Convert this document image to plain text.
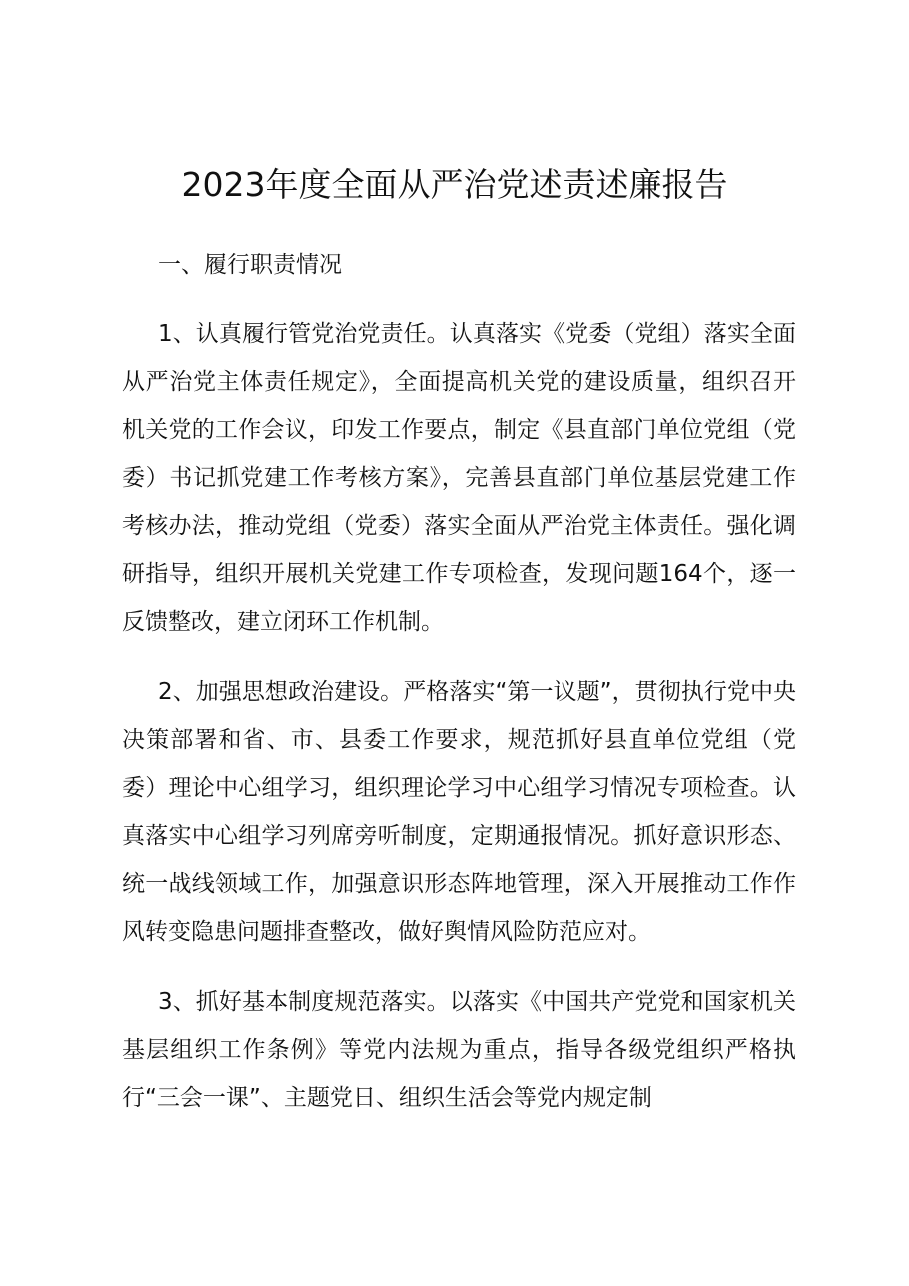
2023年度全面从严治党述责述廉报告

一、履行职责情况

1、认真履行管党治党责任。认真落实《党委（党组）落实全面从严治党主体责任规定》，全面提高机关党的建设质量，组织召开机关党的工作会议，印发工作要点，制定《县直部门单位党组（党委）书记抓党建工作考核方案》，完善县直部门单位基层党建工作考核办法，推动党组（党委）落实全面从严治党主体责任。强化调研指导，组织开展机关党建工作专项检查，发现问题164个，逐一反馈整改，建立闭环工作机制。

2、加强思想政治建设。严格落实“第一议题”，贯彻执行党中央决策部署和省、市、县委工作要求，规范抓好县直单位党组（党委）理论中心组学习，组织理论学习中心组学习情况专项检查。认真落实中心组学习列席旁听制度，定期通报情况。抓好意识形态、统一战线领域工作，加强意识形态阵地管理，深入开展推动工作作风转变隐患问题排查整改，做好舆情风险防范应对。

3、抓好基本制度规范落实。以落实《中国共产党党和国家机关基层组织工作条例》等党内法规为重点，指导各级党组织严格执行“三会一课”、主题党日、组织生活会等党内规定制
